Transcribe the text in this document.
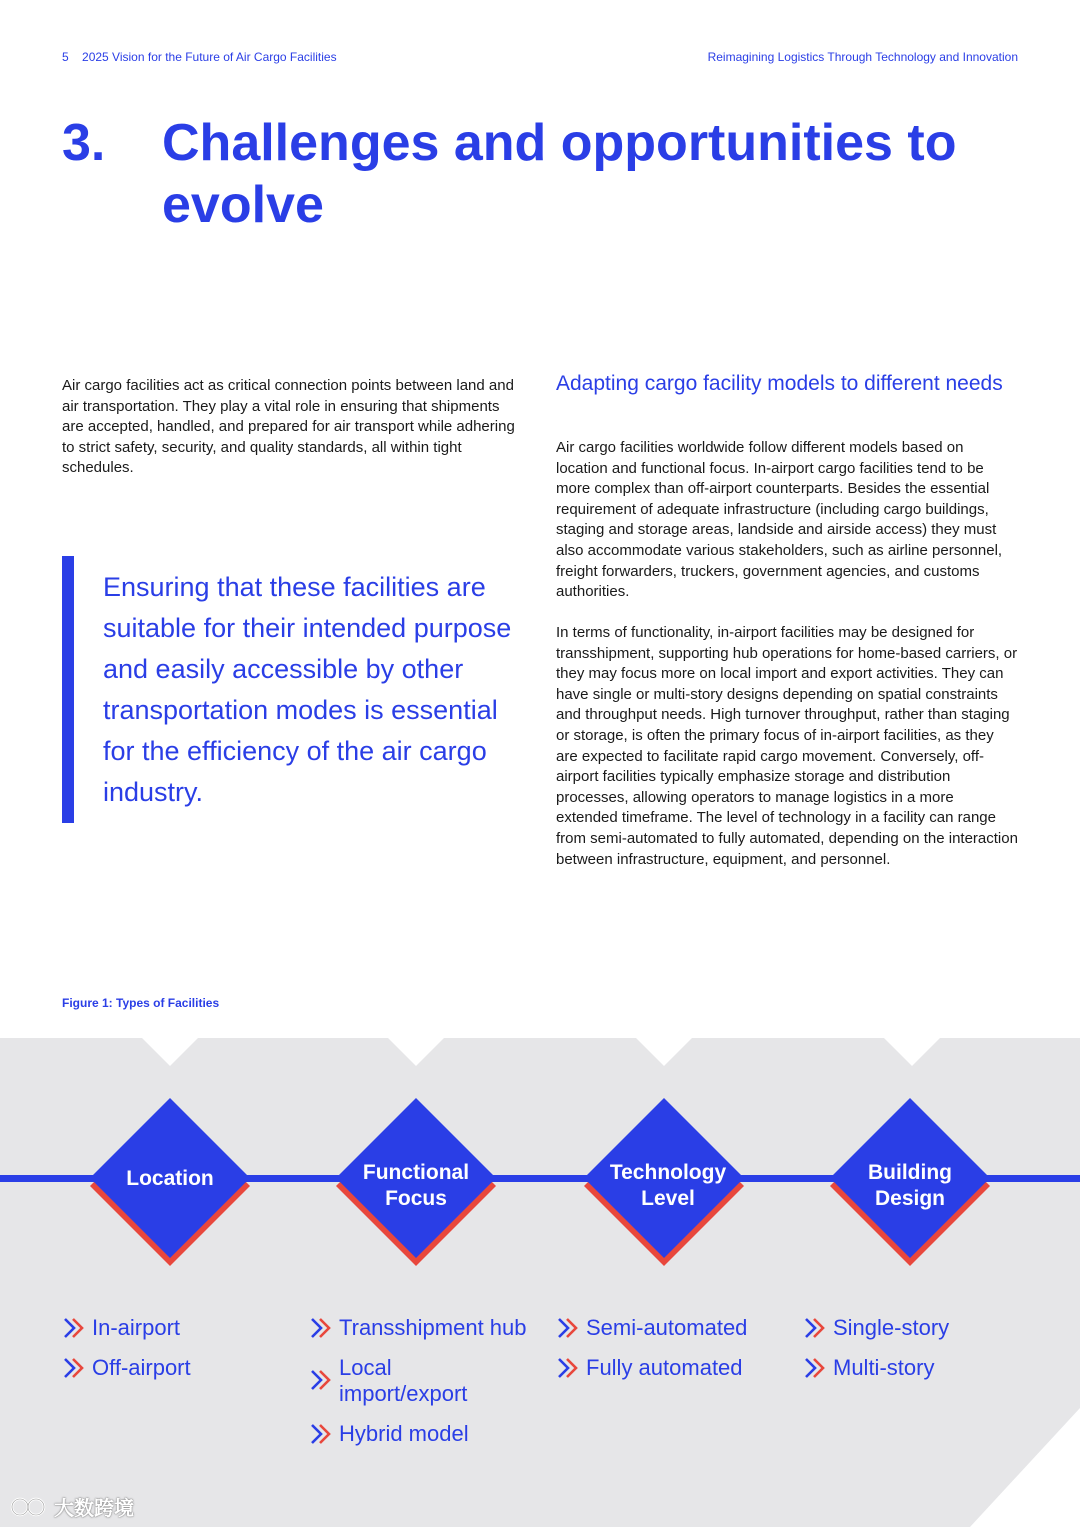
5 2025 Vision for the Future of Air Cargo Facilities	Reimagining Logistics Through Technology and Innovation
3. Challenges and opportunities to evolve
Air cargo facilities act as critical connection points between land and air transportation. They play a vital role in ensuring that shipments are accepted, handled, and prepared for air transport while adhering to strict safety, security, and quality standards, all within tight schedules.
Ensuring that these facilities are suitable for their intended purpose and easily accessible by other transportation modes is essential for the efficiency of the air cargo industry.
Adapting cargo facility models to different needs
Air cargo facilities worldwide follow different models based on location and functional focus. In-airport cargo facilities tend to be more complex than off-airport counterparts. Besides the essential requirement of adequate infrastructure (including cargo buildings, staging and storage areas, landside and airside access) they must also accommodate various stakeholders, such as airline personnel, freight forwarders, truckers, government agencies, and customs authorities.
In terms of functionality, in-airport facilities may be designed for transshipment, supporting hub operations for home-based carriers, or they may focus more on local import and export activities. They can have single or multi-story designs depending on spatial constraints and throughput needs. High turnover throughput, rather than staging or storage, is often the primary focus of in-airport facilities, as they are expected to facilitate rapid cargo movement. Conversely, off-airport facilities typically emphasize storage and distribution processes, allowing operators to manage logistics in a more extended timeframe. The level of technology in a facility can range from semi-automated to fully automated, depending on the interaction between infrastructure, equipment, and personnel.
Figure 1: Types of Facilities
Location	Functional Focus
Technology Level
Building Design
In-airport
Off-airport
Transshipment hub
Local import/export
Hybrid model
Semi-automated
Fully automated
Single-story
Multi-story
大数跨境
